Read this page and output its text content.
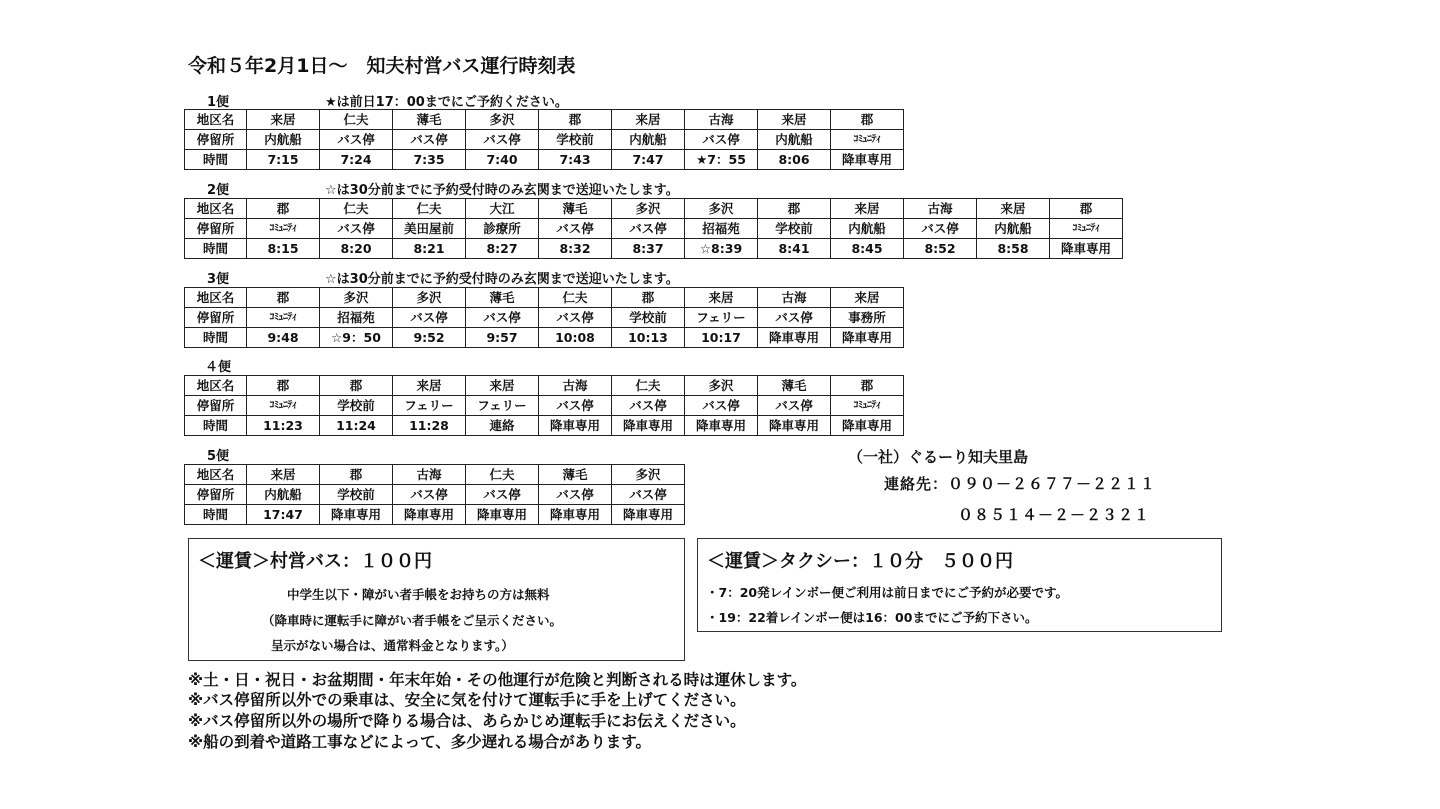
令和５年2月1日～　知夫村営バス運行時刻表
1便	★は前日17：00までにご予約ください。
地区名	来居	仁夫	薄毛	多沢	郡	来居	古海	来居	郡
停留所	内航船	バス停	バス停	バス停	学校前	内航船	バス停	内航船	ｺﾐｭﾆﾃｨ
時間	7:15	7:24	7:35	7:40	7:43	7:47	★7：55	8:06	降車専用
2便	☆は30分前までに予約受付時のみ玄関まで送迎いたします。
地区名	郡	仁夫	仁夫	大江	薄毛	多沢	多沢	郡	来居	古海	来居	郡
停留所	ｺﾐｭﾆﾃｨ	バス停	美田屋前	診療所	バス停	バス停	招福苑	学校前	内航船	バス停	内航船	ｺﾐｭﾆﾃｨ
時間	8:15	8:20	8:21	8:27	8:32	8:37	☆8:39	8:41	8:45	8:52	8:58	降車専用
3便	☆は30分前までに予約受付時のみ玄関まで送迎いたします。
地区名	郡	多沢	多沢	薄毛	仁夫	郡	来居	古海	来居
停留所	ｺﾐｭﾆﾃｨ	招福苑	バス停	バス停	バス停	学校前	フェリー	バス停	事務所
時間	9:48	☆9：50	9:52	9:57	10:08	10:13	10:17	降車専用	降車専用
４便
地区名	郡	郡	来居	来居	古海	仁夫	多沢	薄毛	郡
停留所	ｺﾐｭﾆﾃｨ	学校前	フェリー	フェリー	バス停	バス停	バス停	バス停	ｺﾐｭﾆﾃｨ
時間	11:23	11:24	11:28	連絡	降車専用	降車専用	降車専用	降車専用	降車専用
5便
地区名	来居	郡	古海	仁夫	薄毛	多沢
停留所	内航船	学校前	バス停	バス停	バス停	バス停
時間	17:47	降車専用	降車専用	降車専用	降車専用	降車専用
（一社）ぐるーり知夫里島
連絡先：０９０－２６７７－２２１１
０８５１４－２－２３２１
＜運賃＞村営バス：１００円
中学生以下・障がい者手帳をお持ちの方は無料
（降車時に運転手に障がい者手帳をご呈示ください。
呈示がない場合は、通常料金となります。）
＜運賃＞タクシー：１０分　５００円
・7：20発レインボー便ご利用は前日までにご予約が必要です。
・19：22着レインボー便は16：00までにご予約下さい。
※土・日・祝日・お盆期間・年末年始・その他運行が危険と判断される時は運休します。
※バス停留所以外での乗車は、安全に気を付けて運転手に手を上げてください。
※バス停留所以外の場所で降りる場合は、あらかじめ運転手にお伝えください。
※船の到着や道路工事などによって、多少遅れる場合があります。
